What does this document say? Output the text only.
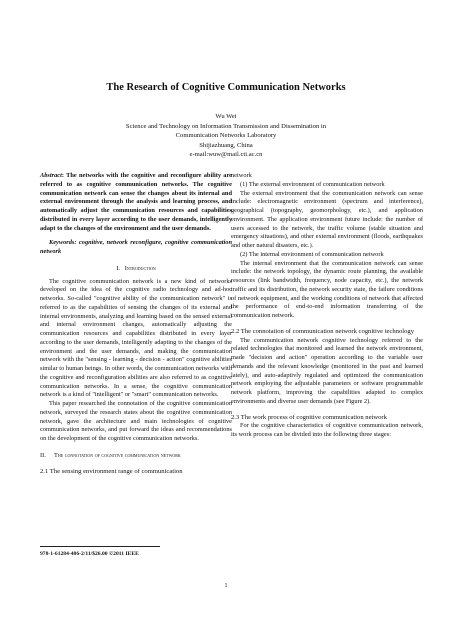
The Research of Cognitive Communication Networks
Wu Wei
Science and Technology on Information Transmission and Dissemination in
Communication Networks Laboratory
Shijiazhuang, China
e-mail:wuw@mail.cti.ac.cn

Abstract: The networks with the cognitive and reconfigure ability are referred to as cognitive communication networks. The cognitive communication network can sense the changes about its internal and external environment through the analysis and learning process, and automatically adjust the communication resources and capabilities distributed in every layer according to the user demands, intelligently adapt to the changes of the environment and the user demands.

Keywords: cognitive, network reconfigure, cognitive communication network

I. Introduction

The cognitive communication network is a new kind of networks developed on the idea of the cognitive radio technology and ad-hoc networks. So-called "cognitive ability of the communication network" is referred to as the capabilities of sensing the changes of its external and internal environments, analyzing and learning based on the sensed external and internal environment changes, automatically adjusting the communication resources and capabilities distributed in every layer according to the user demands, intelligently adapting to the changes of the environment and the user demands, and making the communication network with the "sensing - learning - decision - action" cognitive abilities similar to human beings. In other words, the communication networks with the cognitive and reconfiguration abilities are also referred to as cognitive communication networks. In a sense, the cognitive communication network is a kind of "intelligent" or "smart" communication networks.

This paper researched the connotation of the cognitive communication network, surveyed the research states about the cognitive communication network, gave the architecture and main technologies of cognitive communication networks, and put forward the ideas and recommendations on the development of the cognitive communication networks.

II. The connotation of cognitive communication network
2.1 The sensing environment range of communication

network

(1) The external environment of communication network

The external environment that the communication network can sense include: electromagnetic environment (spectrum and interference), geographical (topography, geomorphology, etc.), and application environment. The application environment future include: the number of users accessed to the network, the traffic volume (stable situation and emergency situations), and other external environment (floods, earthquakes and other natural disasters, etc.).

(2) The internal environment of communication network

The internal environment that the communication network can sense include: the network topology, the dynamic route planning, the available resources (link bandwidth, frequency, node capacity, etc.), the network traffic and its distribution, the network security state, the failure conditions of network equipment, and the working conditions of network that affected the performance of end-to-end information transferring of the communication network.

2.2 The connotation of communication network cognitive technology

The communication network cognitive technology referred to the related technologies that monitored and learned the network environment, made "decision and action" operation according to the variable user demands and the relevant knowledge (monitored in the past and learned lately), and auto-adaptivly regulated and optimized the communication network employing the adjustable parameters or software programmable network platform, improving the capabilities adapted to complex environments and diverse user demands (see Figure 2).

2.3 The work process of cognitive communication network

For the cognitive characteristics of cognitive communication network, its work process can be divided into the following three stages:

978-1-61284-486-2/11/$26.00 ©2011 IEEE
1
